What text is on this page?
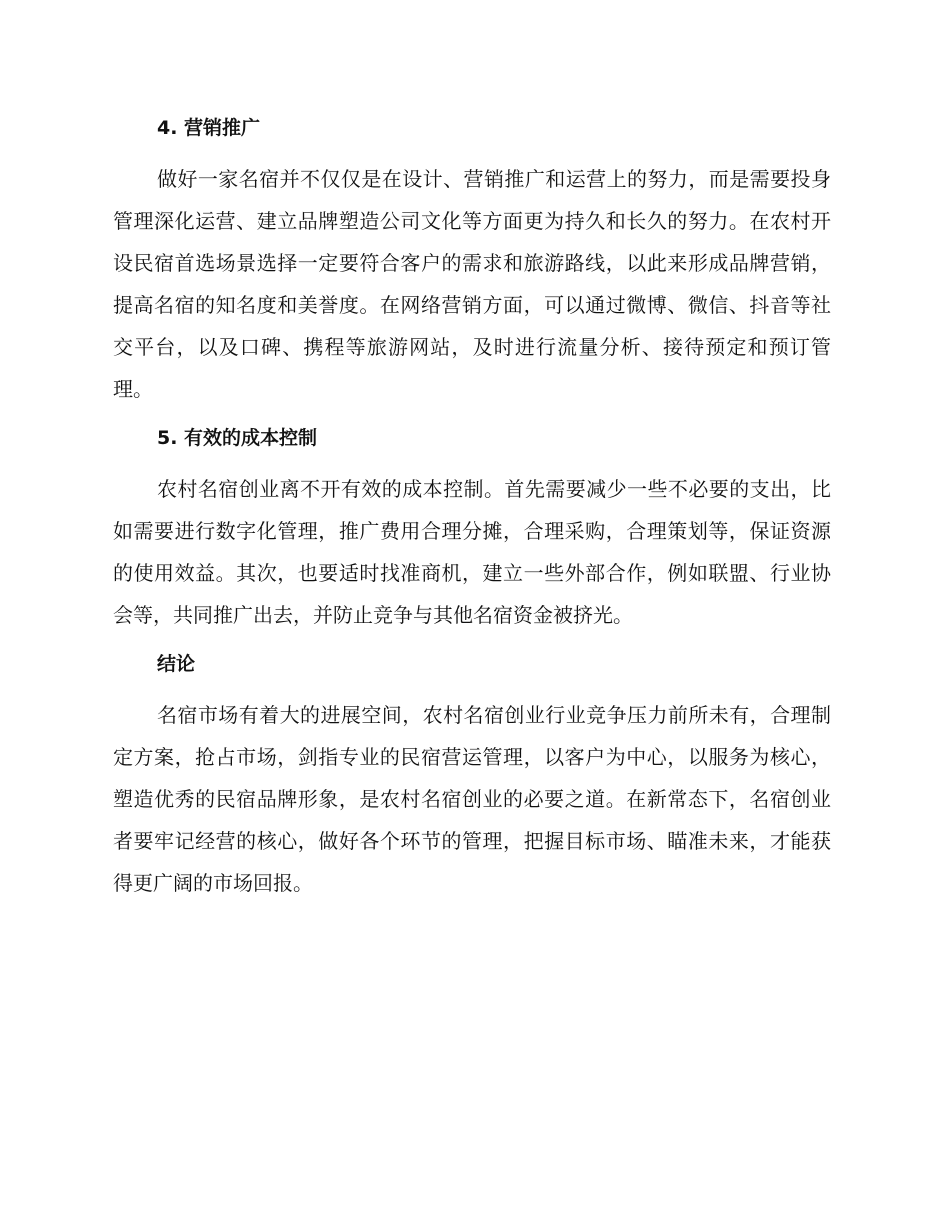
4. 营销推广

做好一家名宿并不仅仅是在设计、营销推广和运营上的努力，而是需要投身管理深化运营、建立品牌塑造公司文化等方面更为持久和长久的努力。在农村开设民宿首选场景选择一定要符合客户的需求和旅游路线，以此来形成品牌营销，提高名宿的知名度和美誉度。在网络营销方面，可以通过微博、微信、抖音等社交平台，以及口碑、携程等旅游网站，及时进行流量分析、接待预定和预订管理。

5. 有效的成本控制

农村名宿创业离不开有效的成本控制。首先需要减少一些不必要的支出，比如需要进行数字化管理，推广费用合理分摊，合理采购，合理策划等，保证资源的使用效益。其次，也要适时找准商机，建立一些外部合作，例如联盟、行业协会等，共同推广出去，并防止竞争与其他名宿资金被挤光。

结论

名宿市场有着大的进展空间，农村名宿创业行业竞争压力前所未有，合理制定方案，抢占市场，剑指专业的民宿营运管理，以客户为中心，以服务为核心，塑造优秀的民宿品牌形象，是农村名宿创业的必要之道。在新常态下，名宿创业者要牢记经营的核心，做好各个环节的管理，把握目标市场、瞄准未来，才能获得更广阔的市场回报。
